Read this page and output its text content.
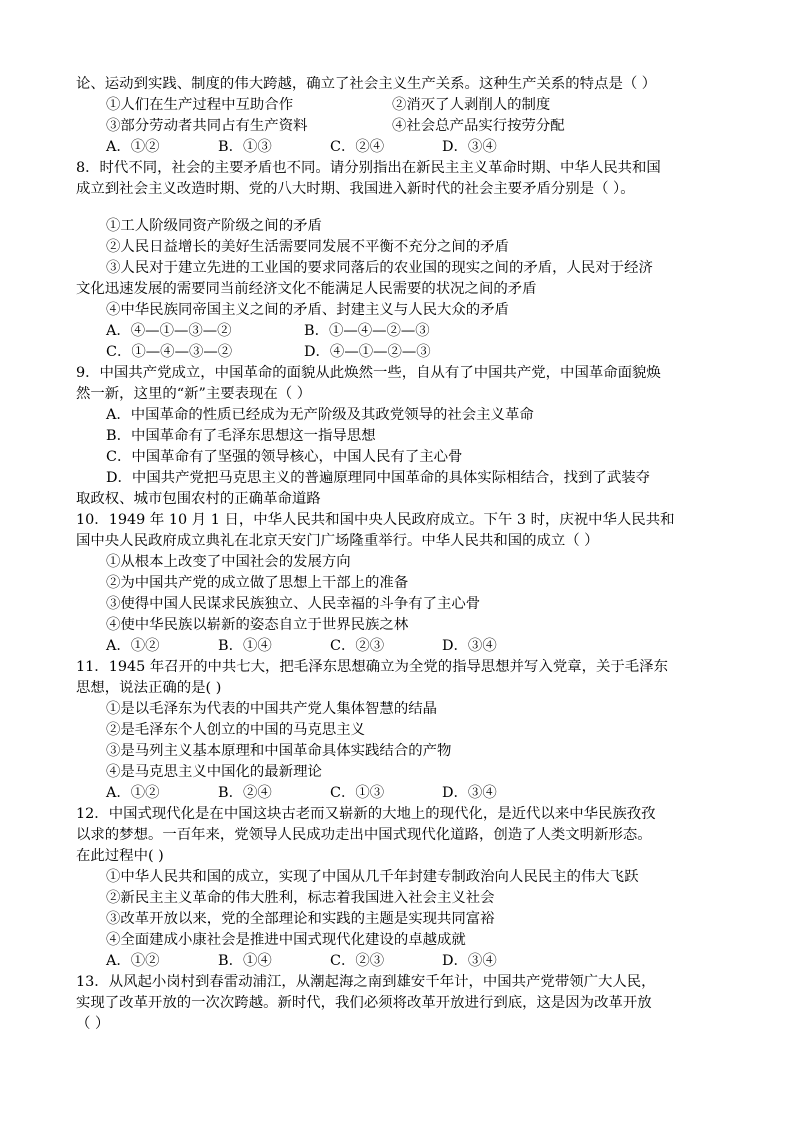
论、运动到实践、制度的伟大跨越，确立了社会主义生产关系。这种生产关系的特点是（ ）
①人们在生产过程中互助合作	②消灭了人剥削人的制度
③部分劳动者共同占有生产资料	④社会总产品实行按劳分配
A．①②	B．①③	C．②④	D．③④
8．时代不同，社会的主要矛盾也不同。请分别指出在新民主主义革命时期、中华人民共和国
成立到社会主义改造时期、党的八大时期、我国进入新时代的社会主要矛盾分别是（ ）。
①工人阶级同资产阶级之间的矛盾
②人民日益增长的美好生活需要同发展不平衡不充分之间的矛盾
③人民对于建立先进的工业国的要求同落后的农业国的现实之间的矛盾，人民对于经济
文化迅速发展的需要同当前经济文化不能满足人民需要的状况之间的矛盾
④中华民族同帝国主义之间的矛盾、封建主义与人民大众的矛盾
A．④—①—③—②	B．①—④—②—③
C．①—④—③—②	D．④—①—②—③
9．中国共产党成立，中国革命的面貌从此焕然一些，自从有了中国共产党，中国革命面貌焕
然一新，这里的“新”主要表现在（ ）
A．中国革命的性质已经成为无产阶级及其政党领导的社会主义革命
B．中国革命有了毛泽东思想这一指导思想
C．中国革命有了坚强的领导核心，中国人民有了主心骨
D．中国共产党把马克思主义的普遍原理同中国革命的具体实际相结合，找到了武装夺
取政权、城市包围农村的正确革命道路
10．1949 年 10 月 1 日，中华人民共和国中央人民政府成立。下午 3 时，庆祝中华人民共和
国中央人民政府成立典礼在北京天安门广场隆重举行。中华人民共和国的成立（ ）
①从根本上改变了中国社会的发展方向
②为中国共产党的成立做了思想上干部上的准备
③使得中国人民谋求民族独立、人民幸福的斗争有了主心骨
④使中华民族以崭新的姿态自立于世界民族之林
A．①②	B．①④	C．②③	D．③④
11．1945 年召开的中共七大，把毛泽东思想确立为全党的指导思想并写入党章，关于毛泽东
思想，说法正确的是( )
①是以毛泽东为代表的中国共产党人集体智慧的结晶
②是毛泽东个人创立的中国的马克思主义
③是马列主义基本原理和中国革命具体实践结合的产物
④是马克思主义中国化的最新理论
A．①②	B．②④	C．①③	D．③④
12．中国式现代化是在中国这块古老而又崭新的大地上的现代化，是近代以来中华民族孜孜
以求的梦想。一百年来，党领导人民成功走出中国式现代化道路，创造了人类文明新形态。
在此过程中( )
①中华人民共和国的成立，实现了中国从几千年封建专制政治向人民民主的伟大飞跃
②新民主主义革命的伟大胜利，标志着我国进入社会主义社会
③改革开放以来，党的全部理论和实践的主题是实现共同富裕
④全面建成小康社会是推进中国式现代化建设的卓越成就
A．①②	B．①④	C．②③	D．③④
13．从风起小岗村到春雷动浦江，从潮起海之南到雄安千年计，中国共产党带领广大人民，
实现了改革开放的一次次跨越。新时代，我们必须将改革开放进行到底，这是因为改革开放
（ ）
